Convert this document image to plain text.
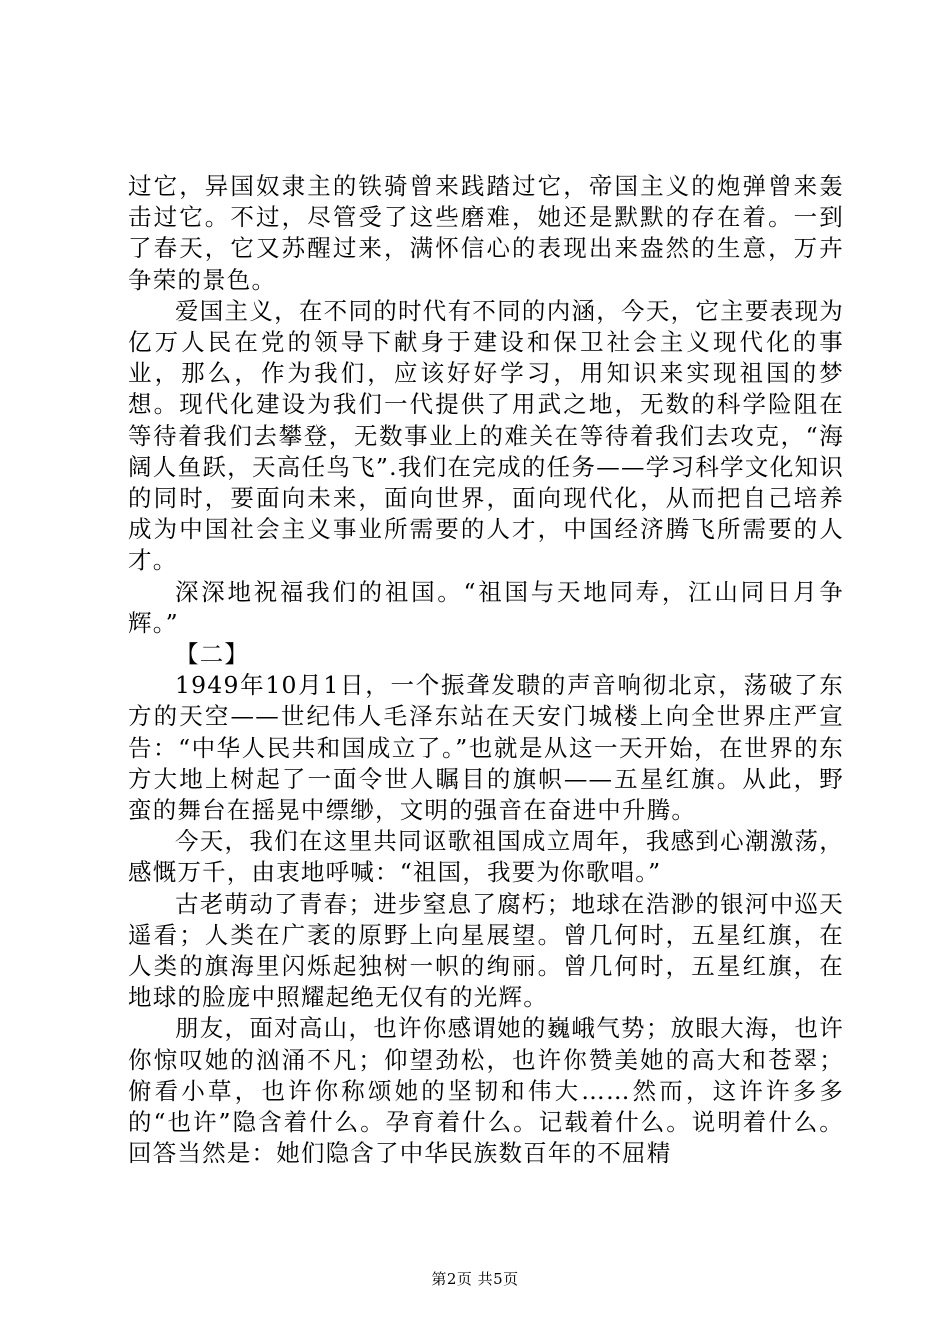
过它，异国奴隶主的铁骑曾来践踏过它，帝国主义的炮弹曾来轰击过它。不过，尽管受了这些磨难，她还是默默的存在着。一到了春天，它又苏醒过来，满怀信心的表现出来盎然的生意，万卉争荣的景色。

爱国主义，在不同的时代有不同的内涵，今天，它主要表现为亿万人民在党的领导下献身于建设和保卫社会主义现代化的事业，那么，作为我们，应该好好学习，用知识来实现祖国的梦想。现代化建设为我们一代提供了用武之地，无数的科学险阻在等待着我们去攀登，无数事业上的难关在等待着我们去攻克，“海阔人鱼跃，天高任鸟飞”.我们在完成的任务——学习科学文化知识的同时，要面向未来，面向世界，面向现代化，从而把自己培养成为中国社会主义事业所需要的人才，中国经济腾飞所需要的人才。

深深地祝福我们的祖国。“祖国与天地同寿，江山同日月争辉。”

【二】

1949年10月1日，一个振聋发聩的声音响彻北京，荡破了东方的天空——世纪伟人毛泽东站在天安门城楼上向全世界庄严宣告：“中华人民共和国成立了。”也就是从这一天开始，在世界的东方大地上树起了一面令世人瞩目的旗帜——五星红旗。从此，野蛮的舞台在摇晃中缥缈，文明的强音在奋进中升腾。

今天，我们在这里共同讴歌祖国成立周年，我感到心潮激荡，感慨万千，由衷地呼喊：“祖国，我要为你歌唱。”

古老萌动了青春；进步窒息了腐朽；地球在浩渺的银河中巡天遥看；人类在广袤的原野上向星展望。曾几何时，五星红旗，在人类的旗海里闪烁起独树一帜的绚丽。曾几何时，五星红旗，在地球的脸庞中照耀起绝无仅有的光辉。

朋友，面对高山，也许你感谓她的巍峨气势；放眼大海，也许你惊叹她的汹涌不凡；仰望劲松，也许你赞美她的高大和苍翠；俯看小草，也许你称颂她的坚韧和伟大……然而，这许许多多的“也许”隐含着什么。孕育着什么。记载着什么。说明着什么。回答当然是：她们隐含了中华民族数百年的不屈精

第2页 共5页
